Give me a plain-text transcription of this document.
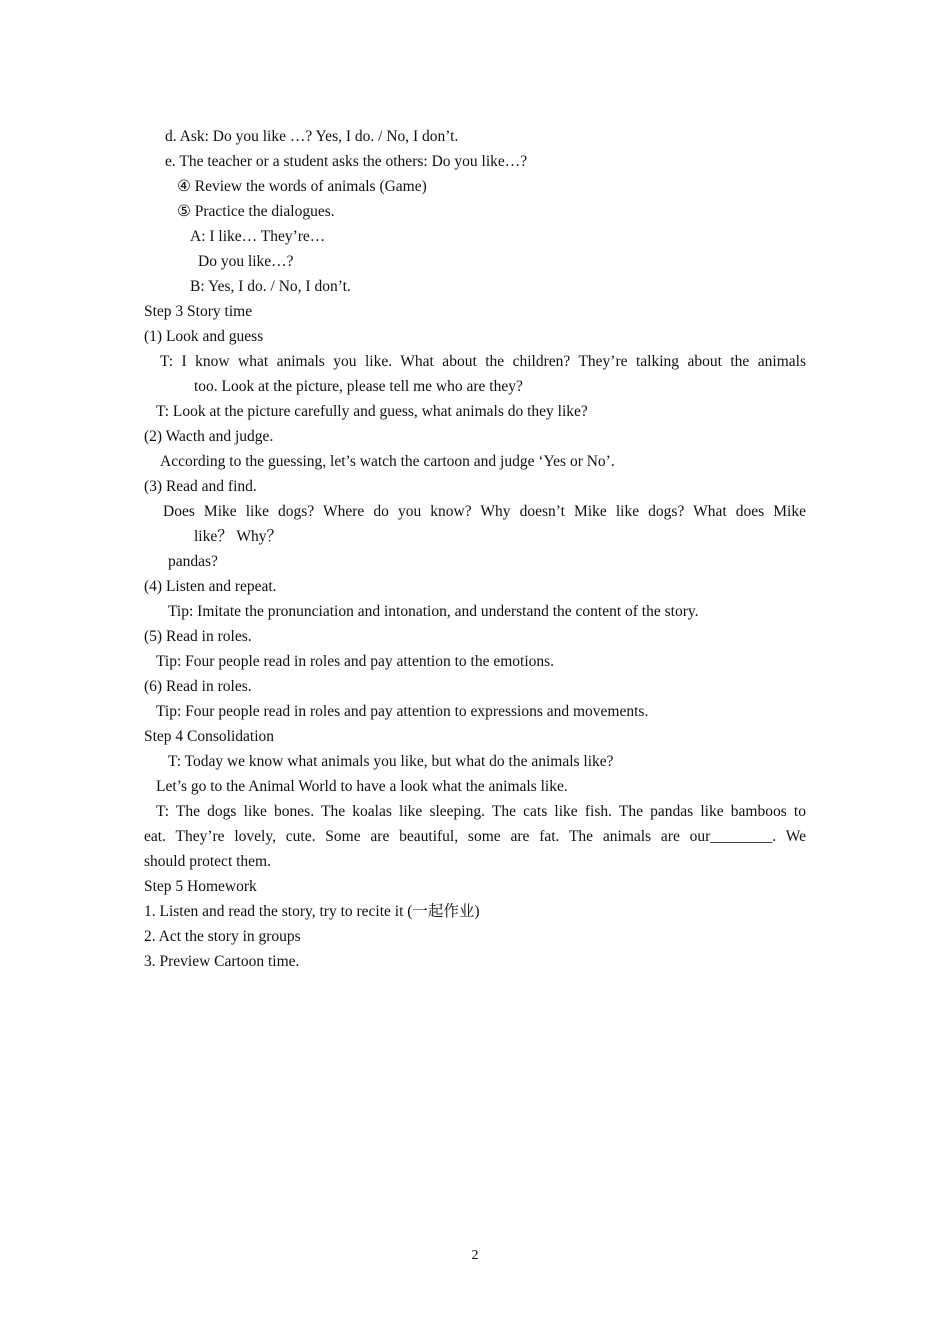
d. Ask: Do you like …? Yes, I do. / No, I don’t.
e. The teacher or a student asks the others: Do you like…?
④ Review the words of animals (Game)
⑤ Practice the dialogues.
A: I like… They’re…
Do you like…?
B: Yes, I do. / No, I don’t.
Step 3 Story time
(1) Look and guess
T: I know what animals you like. What about the children? They’re talking about the animals
too. Look at the picture, please tell me who are they?
T: Look at the picture carefully and guess, what animals do they like?
(2) Wacth and judge.
According to the guessing, let’s watch the cartoon and judge ‘Yes or No’.
(3) Read and find.
Does Mike like dogs? Where do you know? Why doesn’t Mike like dogs? What does Mike
like？ Why？
pandas?
(4) Listen and repeat.
Tip: Imitate the pronunciation and intonation, and understand the content of the story.
(5) Read in roles.
Tip: Four people read in roles and pay attention to the emotions.
(6) Read in roles.
Tip: Four people read in roles and pay attention to expressions and movements.
Step 4 Consolidation
T: Today we know what animals you like, but what do the animals like?
Let’s go to the Animal World to have a look what the animals like.
T: The dogs like bones. The koalas like sleeping. The cats like fish. The pandas like bamboos to
eat. They’re lovely, cute. Some are beautiful, some are fat. The animals are our________. We
should protect them.
Step 5 Homework
1. Listen and read the story, try to recite it (一起作业)
2. Act the story in groups
3. Preview Cartoon time.
2
